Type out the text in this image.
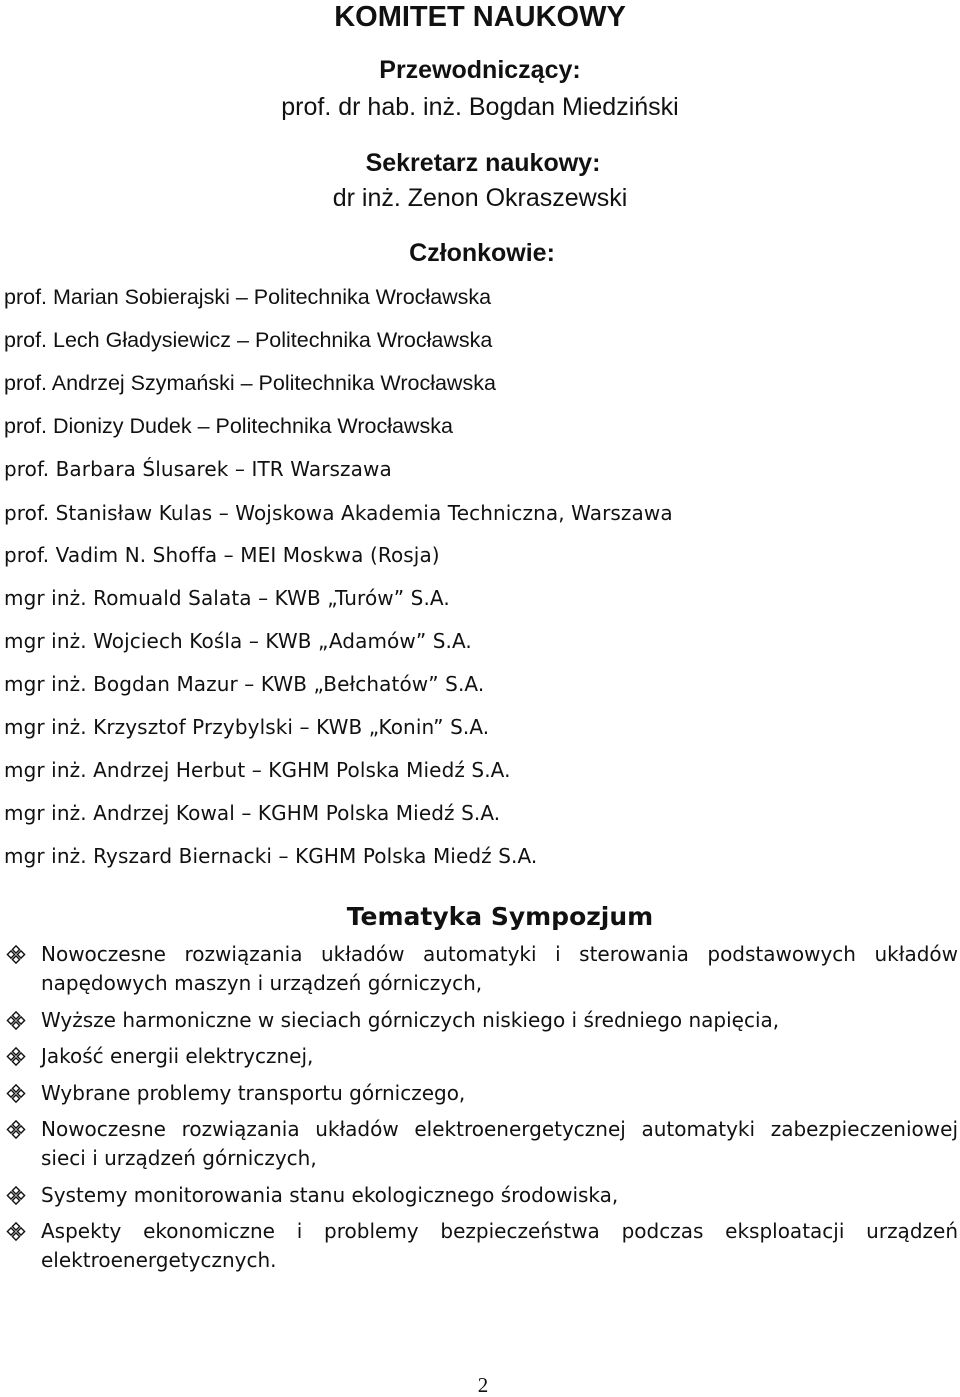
KOMITET NAUKOWY
Przewodniczący:
prof. dr hab. inż. Bogdan Miedziński
Sekretarz naukowy:
dr inż. Zenon Okraszewski
Członkowie:
prof. Marian Sobierajski – Politechnika Wrocławska
prof. Lech Gładysiewicz – Politechnika Wrocławska
prof. Andrzej Szymański – Politechnika Wrocławska
prof. Dionizy Dudek – Politechnika Wrocławska
prof. Barbara Ślusarek – ITR Warszawa
prof. Stanisław Kulas – Wojskowa Akademia Techniczna, Warszawa
prof. Vadim N. Shoffa – MEI Moskwa (Rosja)
mgr inż. Romuald Salata – KWB „Turów” S.A.
mgr inż. Wojciech Kośla – KWB „Adamów” S.A.
mgr inż. Bogdan Mazur – KWB „Bełchatów” S.A.
mgr inż. Krzysztof Przybylski – KWB „Konin” S.A.
mgr inż. Andrzej Herbut – KGHM Polska Miedź S.A.
mgr inż. Andrzej Kowal – KGHM Polska Miedź S.A.
mgr inż. Ryszard Biernacki – KGHM Polska Miedź S.A.
Tematyka Sympozjum
Nowoczesne rozwiązania układów automatyki i sterowania podstawowych układów napędowych maszyn i urządzeń górniczych,
Wyższe harmoniczne w sieciach górniczych niskiego i średniego napięcia,
Jakość energii elektrycznej,
Wybrane problemy transportu górniczego,
Nowoczesne rozwiązania układów elektroenergetycznej automatyki zabezpieczeniowej sieci i urządzeń górniczych,
Systemy monitorowania stanu ekologicznego środowiska,
Aspekty ekonomiczne i problemy bezpieczeństwa podczas eksploatacji urządzeń elektroenergetycznych.
2
